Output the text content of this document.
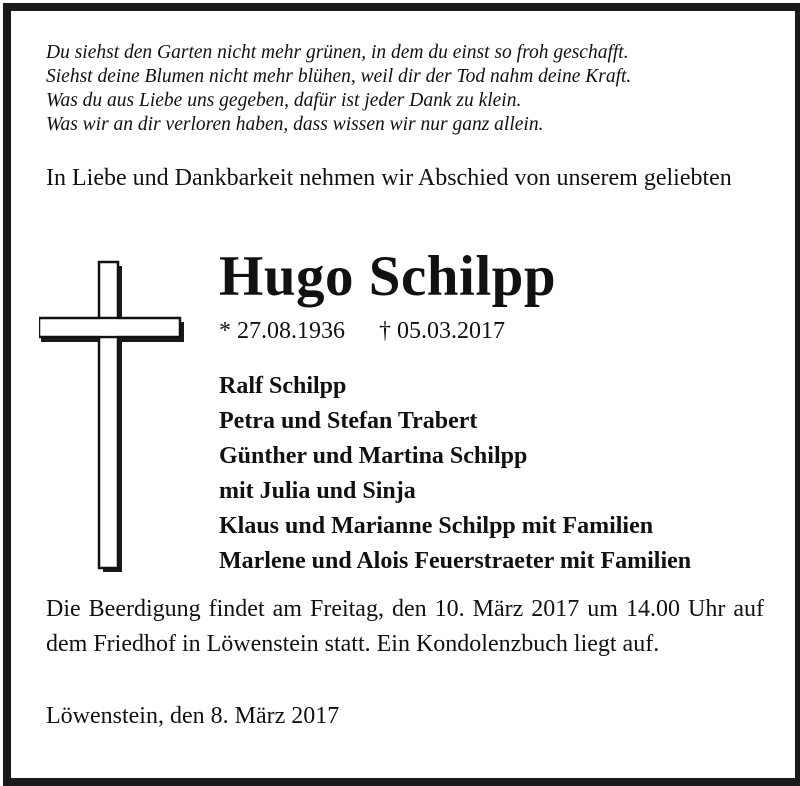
Du siehst den Garten nicht mehr grünen, in dem du einst so froh geschafft.
Siehst deine Blumen nicht mehr blühen, weil dir der Tod nahm deine Kraft.
Was du aus Liebe uns gegeben, dafür ist jeder Dank zu klein.
Was wir an dir verloren haben, dass wissen wir nur ganz allein.
In Liebe und Dankbarkeit nehmen wir Abschied von unserem geliebten
Hugo Schilpp
* 27.08.1936 † 05.03.2017
Ralf Schilpp
Petra und Stefan Trabert
Günther und Martina Schilpp
mit Julia und Sinja
Klaus und Marianne Schilpp mit Familien
Marlene und Alois Feuerstraeter mit Familien
Die Beerdigung findet am Freitag, den 10. März 2017 um 14.00 Uhr auf dem Friedhof in Löwenstein statt. Ein Kondolenzbuch liegt auf.
Löwenstein, den 8. März 2017
